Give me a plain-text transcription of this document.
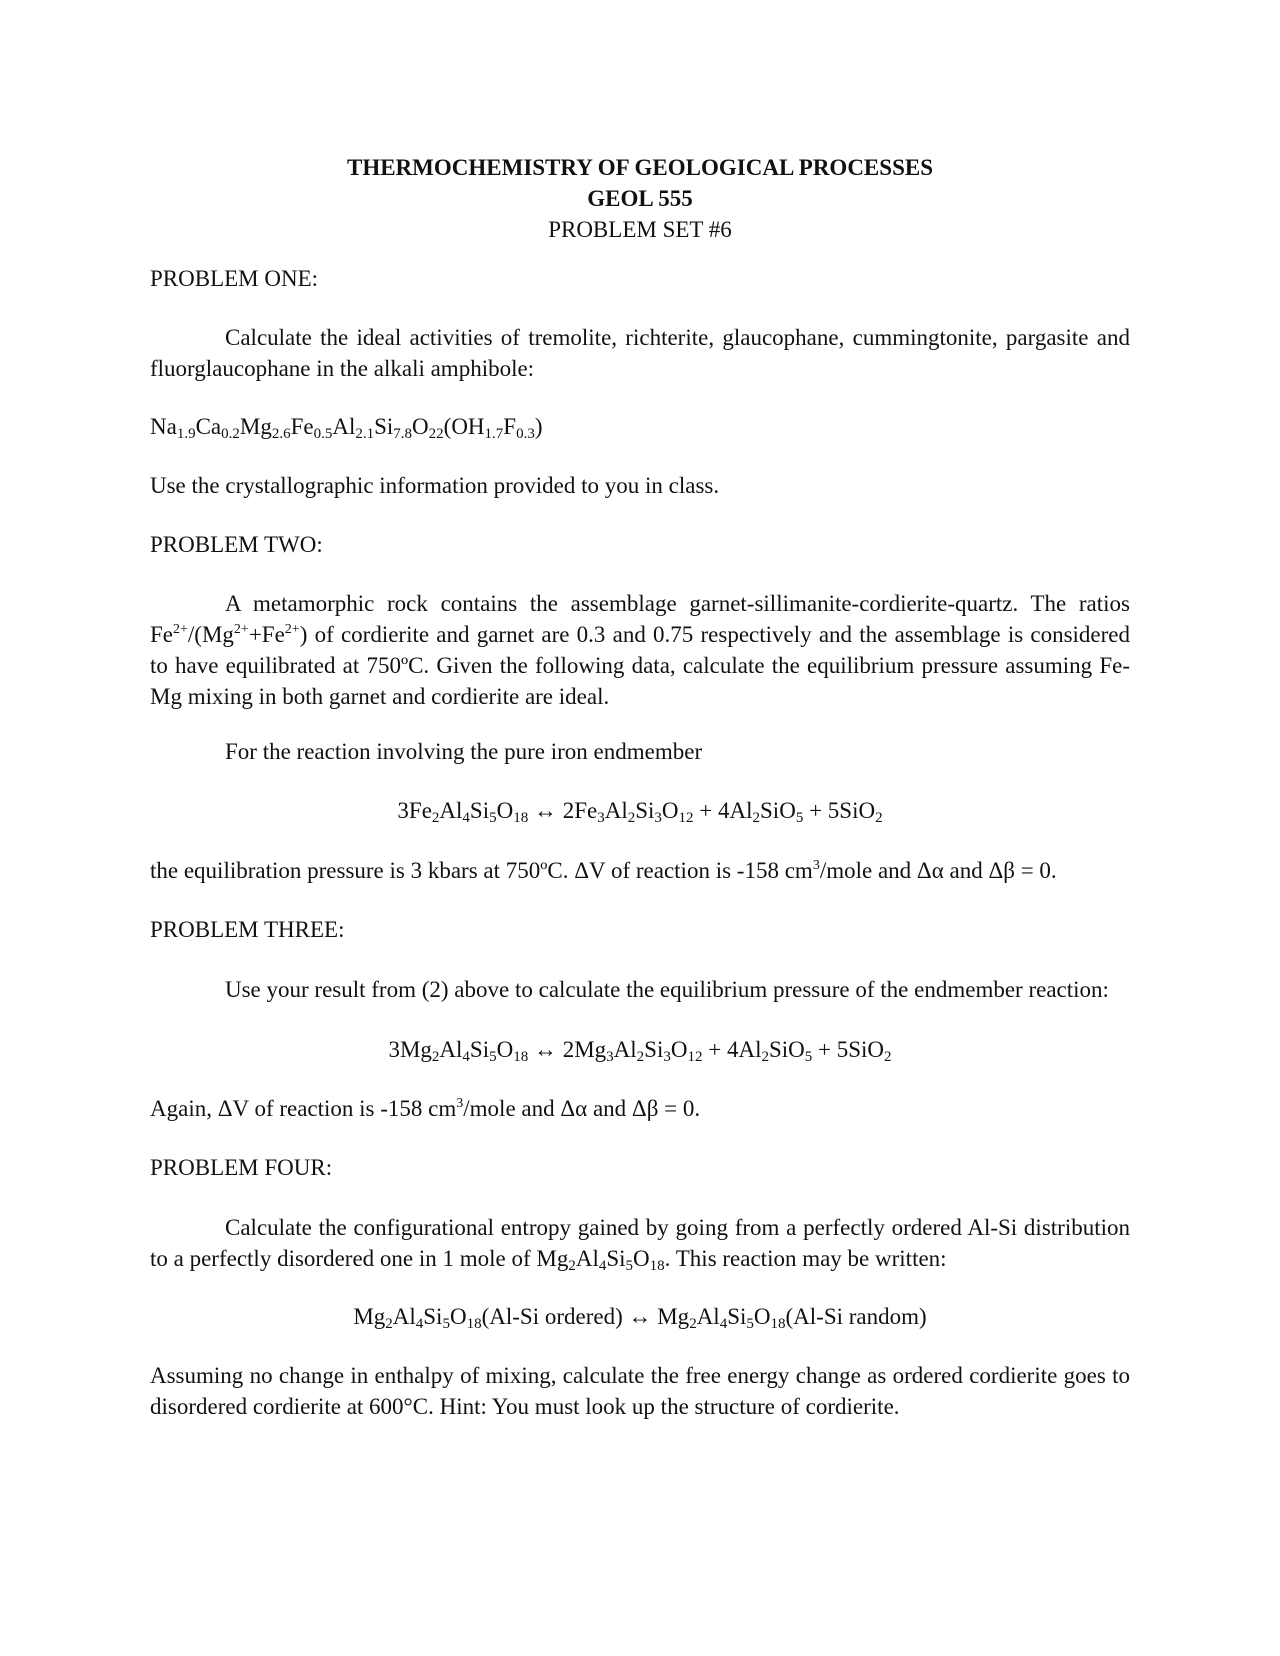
THERMOCHEMISTRY OF GEOLOGICAL PROCESSES
GEOL 555
PROBLEM SET #6
PROBLEM ONE:
Calculate the ideal activities of tremolite, richterite, glaucophane, cummingtonite, pargasite and fluorglaucophane in the alkali amphibole:
$Na_{1.9}Ca_{0.2}Mg_{2.6}Fe_{0.5}Al_{2.1}Si_{7.8}O_{22}(OH_{1.7}F_{0.3})$
Use the crystallographic information provided to you in class.
PROBLEM TWO:
A metamorphic rock contains the assemblage garnet-sillimanite-cordierite-quartz. The ratios $Fe^{2+}/(Mg^{2+}+Fe^{2+})$ of cordierite and garnet are 0.3 and 0.75 respectively and the assemblage is considered to have equilibrated at 750ºC. Given the following data, calculate the equilibrium pressure assuming Fe-Mg mixing in both garnet and cordierite are ideal.
For the reaction involving the pure iron endmember
$3Fe_2Al_4Si_5O_{18}$ ↔ $2Fe_3Al_2Si_3O_{12} + 4Al_2SiO_5 + 5SiO_2$
the equilibration pressure is 3 kbars at 750ºC. ΔV of reaction is -158 $cm^3$/mole and Δα and Δβ = 0.
PROBLEM THREE:
Use your result from (2) above to calculate the equilibrium pressure of the endmember reaction:
$3Mg_2Al_4Si_5O_{18}$ ↔ $2Mg_3Al_2Si_3O_{12} + 4Al_2SiO_5 + 5SiO_2$
Again, ΔV of reaction is -158 $cm^3$/mole and Δα and Δβ = 0.
PROBLEM FOUR:
Calculate the configurational entropy gained by going from a perfectly ordered Al-Si distribution to a perfectly disordered one in 1 mole of $Mg_2Al_4Si_5O_{18}$. This reaction may be written:
$Mg_2Al_4Si_5O_{18}(Al-Si$ ordered) ↔ $Mg_2Al_4Si_5O_{18}(Al-Si$ random)
Assuming no change in enthalpy of mixing, calculate the free energy change as ordered cordierite goes to disordered cordierite at 600°C. Hint: You must look up the structure of cordierite.
